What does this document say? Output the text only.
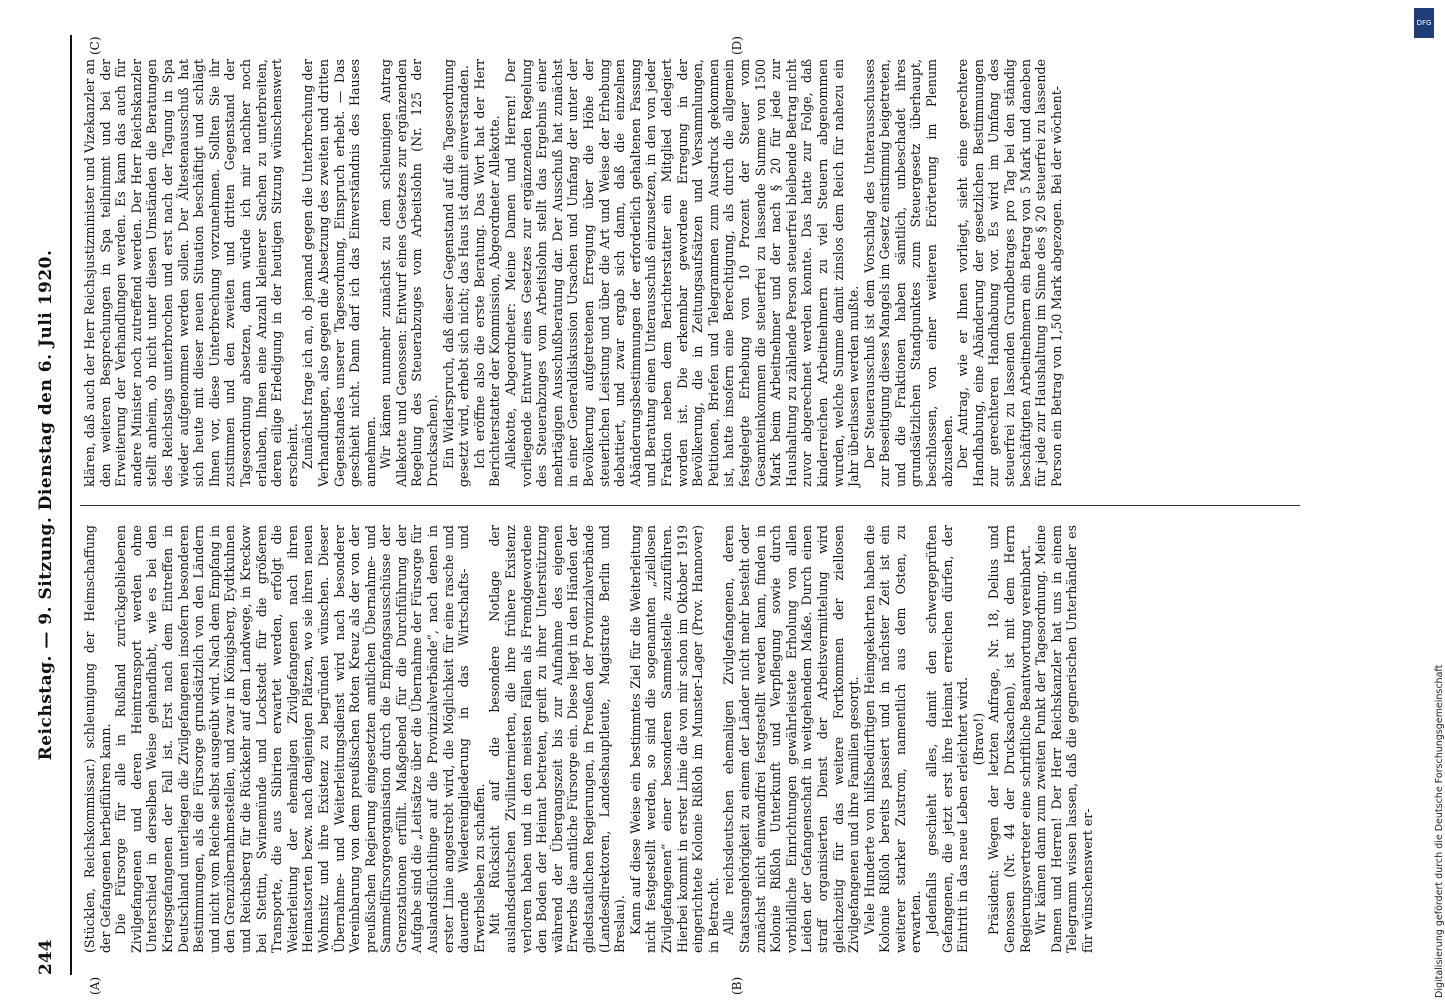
244
Reichstag. — 9. Sitzung. Dienstag den 6. Juli 1920.
(A)	(B)
(C)	(D)

(Stücklen, Reichskommissar.) schleunigung der Heimschaffung der Gefangenen herbeiführen kann. Die Fürsorge für alle in Rußland zurückgebliebenen Zivilgefangenen und deren Heimtransport werden ohne Unterschied in derselben Weise gehandhabt, wie es bei den Kriegsgefangenen der Fall ist. Erst nach dem Eintreffen in Deutschland unterliegen die Zivilgefangenen insofern besonderen Bestimmungen, als die Fürsorge grundsätzlich von den Ländern und nicht vom Reiche selbst ausgeübt wird. Nach dem Empfang in den Grenzübernahmestellen, und zwar in Königsberg, Eydtkuhnen und Reichsberg für die Rückkehr auf dem Landwege, in Kreckow bei Stettin, Swinemünde und Lockstedt für die größeren Transporte, die aus Sibirien erwartet werden, erfolgt die Weiterleitung der ehemaligen Zivilgefangenen nach ihren Heimatsorten bezw. nach denjenigen Plätzen, wo sie ihren neuen Wohnsitz und ihre Existenz zu begründen wünschen. Dieser Übernahme- und Weiterleitungsdienst wird nach besonderer Vereinbarung von dem preußischen Roten Kreuz als der von der preußischen Regierung eingesetzten amtlichen Übernahme- und Sammelfürsorgeorganisation durch die Empfangsausschüsse der Grenzstationen erfüllt. Maßgebend für die Durchführung der Aufgabe sind die „Leitsätze über die Übernahme der Fürsorge für Auslandsflüchtlinge auf die Provinzialverbände“, nach denen in erster Linie angestrebt wird, die Möglichkeit für eine rasche und dauernde Wiedereingliederung in das Wirtschafts- und Erwerbsleben zu schaffen. Mit Rücksicht auf die besondere Notlage der auslandsdeutschen Zivilinternierten, die ihre frühere Existenz verloren haben und in den meisten Fällen als Fremdgewordene den Boden der Heimat betreten, greift zu ihrer Unterstützung während der Übergangszeit bis zur Aufnahme des eigenen Erwerbs die amtliche Fürsorge ein. Diese liegt in den Händen der gliedstaatlichen Regierungen, in Preußen der Provinzialverbände (Landesdirektoren, Landeshauptleute, Magistrate Berlin und Breslau). Kann auf diese Weise ein bestimmtes Ziel für die Weiterleitung nicht festgestellt werden, so sind die sogenannten „ziellosen Zivilgefangenen“ einer besonderen Sammelstelle zuzuführen. Hierbei kommt in erster Linie die von mir schon im Oktober 1919 eingerichtete Kolonie Rißloh im Munster-Lager (Prov. Hannover) in Betracht. Alle reichsdeutschen ehemaligen Zivilgefangenen, deren Staatsangehörigkeit zu einem der Länder nicht mehr besteht oder zunächst nicht einwandfrei festgestellt werden kann, finden in Kolonie Rißloh Unterkunft und Verpflegung sowie durch vorbildliche Einrichtungen gewährleistete Erholung von allen Leiden der Gefangenschaft in weitgehendem Maße. Durch einen straff organisierten Dienst der Arbeitsvermittelung wird gleichzeitig für das weitere Fortkommen der ziellosen Zivilgefangenen und ihre Familien gesorgt. Viele Hunderte von hilfsbedürftigen Heimgekehrten haben die Kolonie Rißloh bereits passiert und in nächster Zeit ist ein weiterer starker Zustrom, namentlich aus dem Osten, zu erwarten. Jedenfalls geschieht alles, damit den schwergeprüften Gefangenen, die jetzt erst ihre Heimat erreichen dürfen, der Eintritt in das neue Leben erleichtert wird. (Bravo!) Präsident: Wegen der letzten Anfrage, Nr. 18, Delius und Genossen (Nr. 44 der Drucksachen), ist mit dem Herrn Regierungsvertreter eine schriftliche Beantwortung vereinbart. Wir kämen dann zum zweiten Punkt der Tagesordnung. Meine Damen und Herren! Der Herr Reichskanzler hat uns in einem Telegramm wissen lassen, daß die gegnerischen Unterhändler es für wünschenswert er-

klären, daß auch der Herr Reichsjustizminister und Vizekanzler an den weiteren Besprechungen in Spa teilnimmt und bei der Erweiterung der Verhandlungen werden. Es kann das auch für andere Minister noch zutreffend werden. Der Herr Reichskanzler stellt anheim, ob nicht unter diesen Umständen die Beratungen des Reichstags unterbrochen und erst nach der Tagung in Spa wieder aufgenommen werden sollen. Der Ältestenausschuß hat sich heute mit dieser neuen Situation beschäftigt und schlägt Ihnen vor, diese Unterbrechung vorzunehmen. Sollten Sie ihr zustimmen und den zweiten und dritten Gegenstand der Tagesordnung absetzen, dann würde ich mir nachher noch erlauben, Ihnen eine Anzahl kleinerer Sachen zu unterbreiten, deren eilige Erledigung in der heutigen Sitzung wünschenswert erscheint. Zunächst frage ich an, ob jemand gegen die Unterbrechung der Verhandlungen, also gegen die Absetzung des zweiten und dritten Gegenstandes unserer Tagesordnung, Einspruch erhebt. — Das geschieht nicht. Dann darf ich das Einverständnis des Hauses annehmen. Wir kämen nunmehr zunächst zu dem schleunigen Antrag Allekotte und Genossen: Entwurf eines Gesetzes zur ergänzenden Regelung des Steuerabzuges vom Arbeitslohn (Nr. 125 der Drucksachen). Ein Widerspruch, daß dieser Gegenstand auf die Tagesordnung gesetzt wird, erhebt sich nicht; das Haus ist damit einverstanden. Ich eröffne also die erste Beratung. Das Wort hat der Herr Berichterstatter der Kommission, Abgeordneter Allekotte. Allekotte, Abgeordneter: Meine Damen und Herren! Der vorliegende Entwurf eines Gesetzes zur ergänzenden Regelung des Steuerabzuges vom Arbeitslohn stellt das Ergebnis einer mehrtägigen Ausschußberatung dar. Der Ausschuß hat zunächst in einer Generaldiskussion Ursachen und Umfang der unter der Bevölkerung aufgetretenen Erregung über die Höhe der steuerlichen Leistung und über die Art und Weise der Erhebung debattiert, und zwar ergab sich dann, daß die einzelnen Abänderungsbestimmungen der erforderlich gehaltenen Fassung und Beratung einen Unterausschuß einzusetzen, in den von jeder Fraktion neben dem Berichterstatter ein Mitglied delegiert worden ist. Die erkennbar gewordene Erregung in der Bevölkerung, die in Zeitungsaufsätzen und Versammlungen, Petitionen, Briefen und Telegrammen zum Ausdruck gekommen ist, hatte insofern eine Berechtigung, als durch die allgemein festgelegte Erhebung von 10 Prozent der Steuer vom Gesamteinkommen die steuerfrei zu lassende Summe von 1500 Mark beim Arbeitnehmer und der nach § 20 für jede zur Haushaltung zu zählende Person steuerfrei bleibende Betrag nicht zuvor abgerechnet werden konnte. Das hatte zur Folge, daß kinderreichen Arbeitnehmern zu viel Steuern abgenommen wurden, welche Summe damit zinslos dem Reich für nahezu ein Jahr überlassen werden mußte. Der Steuerausschuß ist dem Vorschlag des Unterausschusses zur Beseitigung dieses Mangels im Gesetz einstimmig beigetreten, und die Fraktionen haben sämtlich, unbeschadet ihres grundsätzlichen Standpunktes zum Steuergesetz überhaupt, beschlossen, von einer weiteren Erörterung im Plenum abzusehen. Der Antrag, wie er Ihnen vorliegt, sieht eine gerechtere Handhabung, eine Abänderung der gesetzlichen Bestimmungen zur gerechteren Handhabung vor. Es wird im Umfang des steuerfrei zu lassenden Grundbetrages pro Tag bei den ständig beschäftigten Arbeitnehmern ein Betrag von 5 Mark und daneben für jede zur Haushaltung im Sinne des § 20 steuerfrei zu lassende Person ein Betrag von 1,50 Mark abgezogen. Bei der wöchent-

Digitalisierung gefördert durch die Deutsche Forschungsgemeinschaft
DFG
